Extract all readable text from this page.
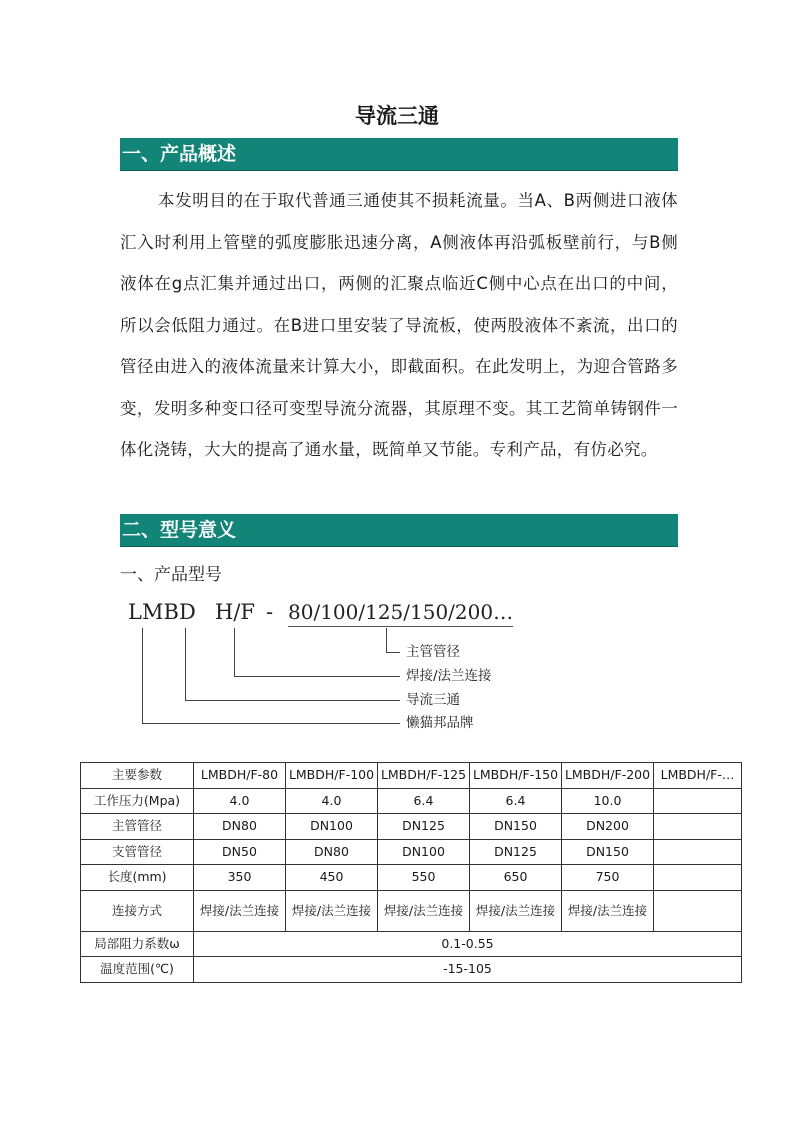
导流三通
一、产品概述

本发明目的在于取代普通三通使其不损耗流量。当A、B两侧进口液体汇入时利用上管壁的弧度膨胀迅速分离，A侧液体再沿弧板壁前行，与B侧液体在g点汇集并通过出口，两侧的汇聚点临近C侧中心点在出口的中间，所以会低阻力通过。在B进口里安装了导流板，使两股液体不紊流，出口的管径由进入的液体流量来计算大小，即截面积。在此发明上，为迎合管路多变，发明多种变口径可变型导流分流器，其原理不变。其工艺简单铸钢件一体化浇铸，大大的提高了通水量，既简单又节能。专利产品，有仿必究。

二、型号意义
一、产品型号
LMB D H/F - 80/100/125/150/200…
主管管径
焊接/法兰连接
导流三通
懒猫邦品牌
主要参数	LMBDH/F-80	LMBDH/F-100	LMBDH/F-125	LMBDH/F-150	LMBDH/F-200	LMBDH/F-…
工作压力(Mpa)	4.0	4.0	6.4	6.4	10.0	
主管管径	DN80	DN100	DN125	DN150	DN200	
支管管径	DN50	DN80	DN100	DN125	DN150	
长度(mm)	350	450	550	650	750	
连接方式	焊接/法兰连接	焊接/法兰连接	焊接/法兰连接	焊接/法兰连接	焊接/法兰连接	
局部阻力系数ω	0.1-0.55					
温度范围(℃)	-15-105					
